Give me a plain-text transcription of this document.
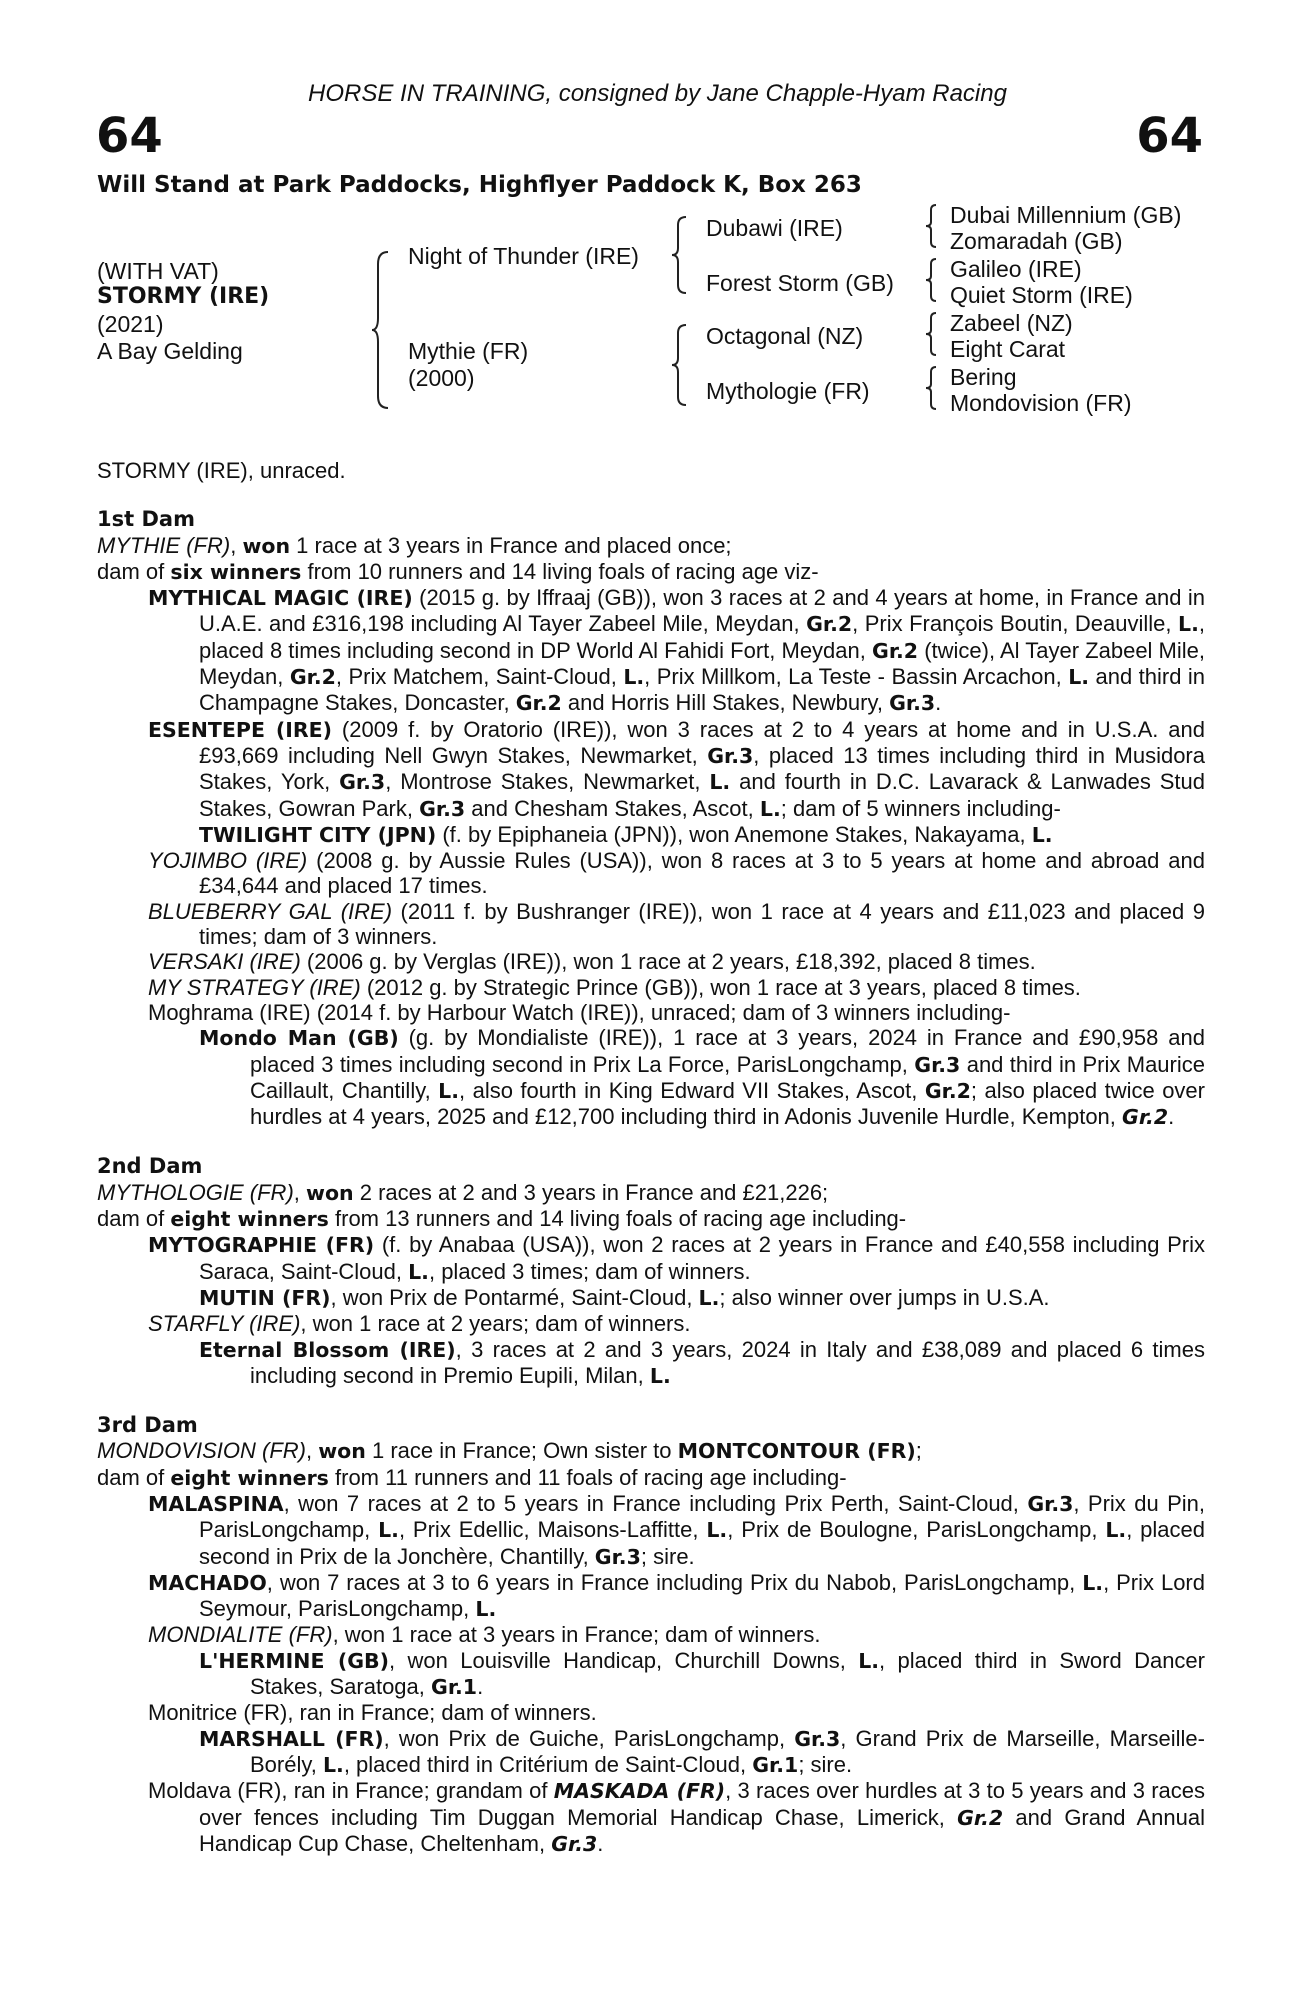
HORSE IN TRAINING, consigned by Jane Chapple-Hyam Racing
64	64
Will Stand at Park Paddocks, Highflyer Paddock K, Box 263
(WITH VAT)
STORMY (IRE)
(2021)
A Bay Gelding
Night of Thunder (IRE)
Mythie (FR)
(2000)
Dubawi (IRE)
Forest Storm (GB)
Octagonal (NZ)
Mythologie (FR)
Dubai Millennium (GB)
Zomaradah (GB)
Galileo (IRE)
Quiet Storm (IRE)
Zabeel (NZ)
Eight Carat
Bering
Mondovision (FR)

STORMY (IRE), unraced.

1st Dam

MYTHIE (FR), won 1 race at 3 years in France and placed once;

dam of six winners from 10 runners and 14 living foals of racing age viz-

MYTHICAL MAGIC (IRE) (2015 g. by Iffraaj (GB)), won 3 races at 2 and 4 years at home, in France and in U.A.E. and £316,198 including Al Tayer Zabeel Mile, Meydan, Gr.2, Prix François Boutin, Deauville, L., placed 8 times including second in DP World Al Fahidi Fort, Meydan, Gr.2 (twice), Al Tayer Zabeel Mile, Meydan, Gr.2, Prix Matchem, Saint-Cloud, L., Prix Millkom, La Teste - Bassin Arcachon, L. and third in Champagne Stakes, Doncaster, Gr.2 and Horris Hill Stakes, Newbury, Gr.3.

ESENTEPE (IRE) (2009 f. by Oratorio (IRE)), won 3 races at 2 to 4 years at home and in U.S.A. and £93,669 including Nell Gwyn Stakes, Newmarket, Gr.3, placed 13 times including third in Musidora Stakes, York, Gr.3, Montrose Stakes, Newmarket, L. and fourth in D.C. Lavarack & Lanwades Stud Stakes, Gowran Park, Gr.3 and Chesham Stakes, Ascot, L.; dam of 5 winners including-

TWILIGHT CITY (JPN) (f. by Epiphaneia (JPN)), won Anemone Stakes, Nakayama, L.

YOJIMBO (IRE) (2008 g. by Aussie Rules (USA)), won 8 races at 3 to 5 years at home and abroad and £34,644 and placed 17 times.

BLUEBERRY GAL (IRE) (2011 f. by Bushranger (IRE)), won 1 race at 4 years and £11,023 and placed 9 times; dam of 3 winners.

VERSAKI (IRE) (2006 g. by Verglas (IRE)), won 1 race at 2 years, £18,392, placed 8 times.

MY STRATEGY (IRE) (2012 g. by Strategic Prince (GB)), won 1 race at 3 years, placed 8 times.

Moghrama (IRE) (2014 f. by Harbour Watch (IRE)), unraced; dam of 3 winners including-

Mondo Man (GB) (g. by Mondialiste (IRE)), 1 race at 3 years, 2024 in France and £90,958 and placed 3 times including second in Prix La Force, ParisLongchamp, Gr.3 and third in Prix Maurice Caillault, Chantilly, L., also fourth in King Edward VII Stakes, Ascot, Gr.2; also placed twice over hurdles at 4 years, 2025 and £12,700 including third in Adonis Juvenile Hurdle, Kempton, Gr.2.

2nd Dam

MYTHOLOGIE (FR), won 2 races at 2 and 3 years in France and £21,226;

dam of eight winners from 13 runners and 14 living foals of racing age including-

MYTOGRAPHIE (FR) (f. by Anabaa (USA)), won 2 races at 2 years in France and £40,558 including Prix Saraca, Saint-Cloud, L., placed 3 times; dam of winners.

MUTIN (FR), won Prix de Pontarmé, Saint-Cloud, L.; also winner over jumps in U.S.A.

STARFLY (IRE), won 1 race at 2 years; dam of winners.

Eternal Blossom (IRE), 3 races at 2 and 3 years, 2024 in Italy and £38,089 and placed 6 times including second in Premio Eupili, Milan, L.

3rd Dam

MONDOVISION (FR), won 1 race in France; Own sister to MONTCONTOUR (FR);

dam of eight winners from 11 runners and 11 foals of racing age including-

MALASPINA, won 7 races at 2 to 5 years in France including Prix Perth, Saint-Cloud, Gr.3, Prix du Pin, ParisLongchamp, L., Prix Edellic, Maisons-Laffitte, L., Prix de Boulogne, ParisLongchamp, L., placed second in Prix de la Jonchère, Chantilly, Gr.3; sire.

MACHADO, won 7 races at 3 to 6 years in France including Prix du Nabob, ParisLongchamp, L., Prix Lord Seymour, ParisLongchamp, L.

MONDIALITE (FR), won 1 race at 3 years in France; dam of winners.

L'HERMINE (GB), won Louisville Handicap, Churchill Downs, L., placed third in Sword Dancer Stakes, Saratoga, Gr.1.

Monitrice (FR), ran in France; dam of winners.

MARSHALL (FR), won Prix de Guiche, ParisLongchamp, Gr.3, Grand Prix de Marseille, Marseille-Borély, L., placed third in Critérium de Saint-Cloud, Gr.1; sire.

Moldava (FR), ran in France; grandam of MASKADA (FR), 3 races over hurdles at 3 to 5 years and 3 races over fences including Tim Duggan Memorial Handicap Chase, Limerick, Gr.2 and Grand Annual Handicap Cup Chase, Cheltenham, Gr.3.
